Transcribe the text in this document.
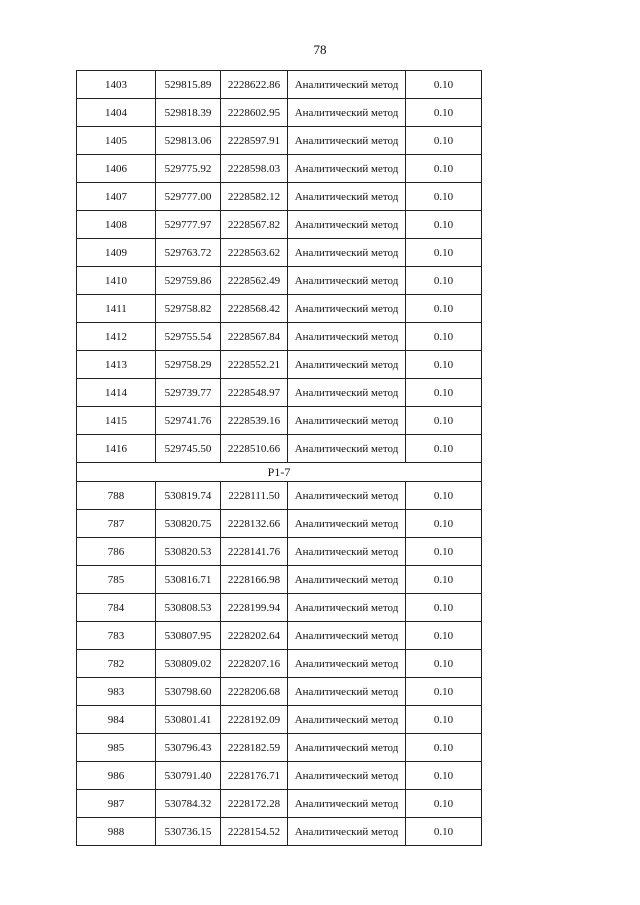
78
1403	529815.89	2228622.86	Аналитический метод	0.10
1404	529818.39	2228602.95	Аналитический метод	0.10
1405	529813.06	2228597.91	Аналитический метод	0.10
1406	529775.92	2228598.03	Аналитический метод	0.10
1407	529777.00	2228582.12	Аналитический метод	0.10
1408	529777.97	2228567.82	Аналитический метод	0.10
1409	529763.72	2228563.62	Аналитический метод	0.10
1410	529759.86	2228562.49	Аналитический метод	0.10
1411	529758.82	2228568.42	Аналитический метод	0.10
1412	529755.54	2228567.84	Аналитический метод	0.10
1413	529758.29	2228552.21	Аналитический метод	0.10
1414	529739.77	2228548.97	Аналитический метод	0.10
1415	529741.76	2228539.16	Аналитический метод	0.10
1416	529745.50	2228510.66	Аналитический метод	0.10
Р1-7				
788	530819.74	2228111.50	Аналитический метод	0.10
787	530820.75	2228132.66	Аналитический метод	0.10
786	530820.53	2228141.76	Аналитический метод	0.10
785	530816.71	2228166.98	Аналитический метод	0.10
784	530808.53	2228199.94	Аналитический метод	0.10
783	530807.95	2228202.64	Аналитический метод	0.10
782	530809.02	2228207.16	Аналитический метод	0.10
983	530798.60	2228206.68	Аналитический метод	0.10
984	530801.41	2228192.09	Аналитический метод	0.10
985	530796.43	2228182.59	Аналитический метод	0.10
986	530791.40	2228176.71	Аналитический метод	0.10
987	530784.32	2228172.28	Аналитический метод	0.10
988	530736.15	2228154.52	Аналитический метод	0.10
